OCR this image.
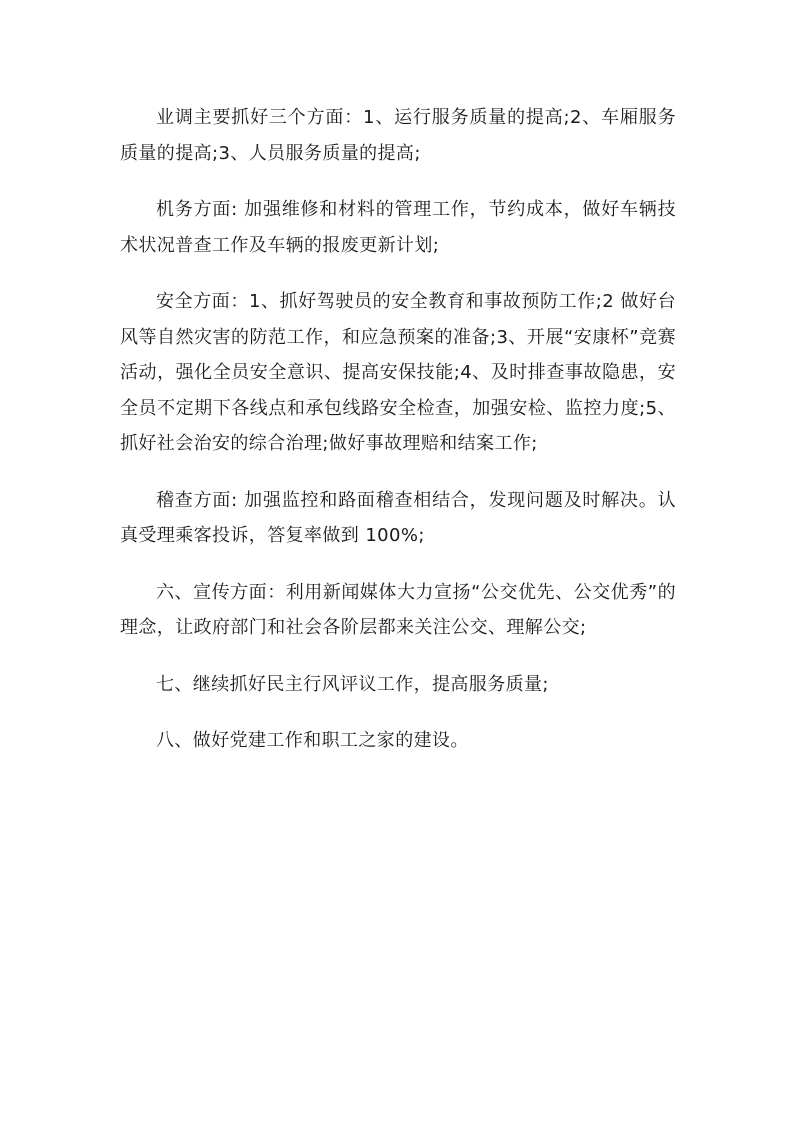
业调主要抓好三个方面：1、运行服务质量的提高;2、车厢服务质量的提高;3、人员服务质量的提高;

机务方面: 加强维修和材料的管理工作，节约成本，做好车辆技术状况普查工作及车辆的报废更新计划;

安全方面：1、抓好驾驶员的安全教育和事故预防工作;2 做好台风等自然灾害的防范工作，和应急预案的准备;3、开展“安康杯”竞赛活动，强化全员安全意识、提高安保技能;4、及时排查事故隐患，安全员不定期下各线点和承包线路安全检查，加强安检、监控力度;5、抓好社会治安的综合治理;做好事故理赔和结案工作;

稽查方面: 加强监控和路面稽查相结合，发现问题及时解决。认真受理乘客投诉，答复率做到 100%;

六、宣传方面：利用新闻媒体大力宣扬“公交优先、公交优秀”的理念，让政府部门和社会各阶层都来关注公交、理解公交;

七、继续抓好民主行风评议工作，提高服务质量;

八、做好党建工作和职工之家的建设。
